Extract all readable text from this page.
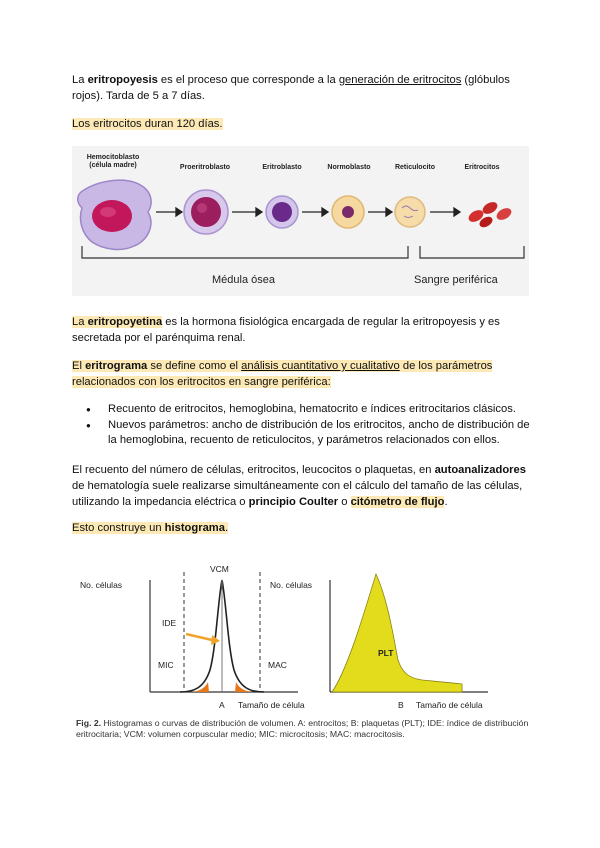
La eritropoyesis es el proceso que corresponde a la generación de eritrocitos (glóbulos rojos). Tarda de 5 a 7 días.

Los eritrocitos duran 120 días.

Hemocitoblasto (célula madre)	Proeritroblasto	Eritroblasto	Normoblasto	Reticulocito	Eritrocitos
Médula ósea	Sangre periférica

La eritropoyetina es la hormona fisiológica encargada de regular la eritropoyesis y es secretada por el parénquima renal.

El eritrograma se define como el análisis cuantitativo y cualitativo de los parámetros relacionados con los eritrocitos en sangre periférica:

● Recuento de eritrocitos, hemoglobina, hematocrito e índices eritrocitarios clásicos.
● Nuevos parámetros: ancho de distribución de los eritrocitos, ancho de distribución de la hemoglobina, recuento de reticulocitos, y parámetros relacionados con ellos.

El recuento del número de células, eritrocitos, leucocitos o plaquetas, en autoanalizadores de hematología suele realizarse simultáneamente con el cálculo del tamaño de las células, utilizando la impedancia eléctrica o principio Coulter o citómetro de flujo.

Esto construye un histograma.

No. células
VCM
IDE
MIC	MAC
A Tamaño de célula
No. células
PLT
B Tamaño de célula
Fig. 2. Histogramas o curvas de distribución de volumen. A: entrocitos; B: plaquetas (PLT); IDE: índice de distribución eritrocitaria; VCM: volumen corpuscular medio; MIC: microcitosis; MAC: macrocitosis.
